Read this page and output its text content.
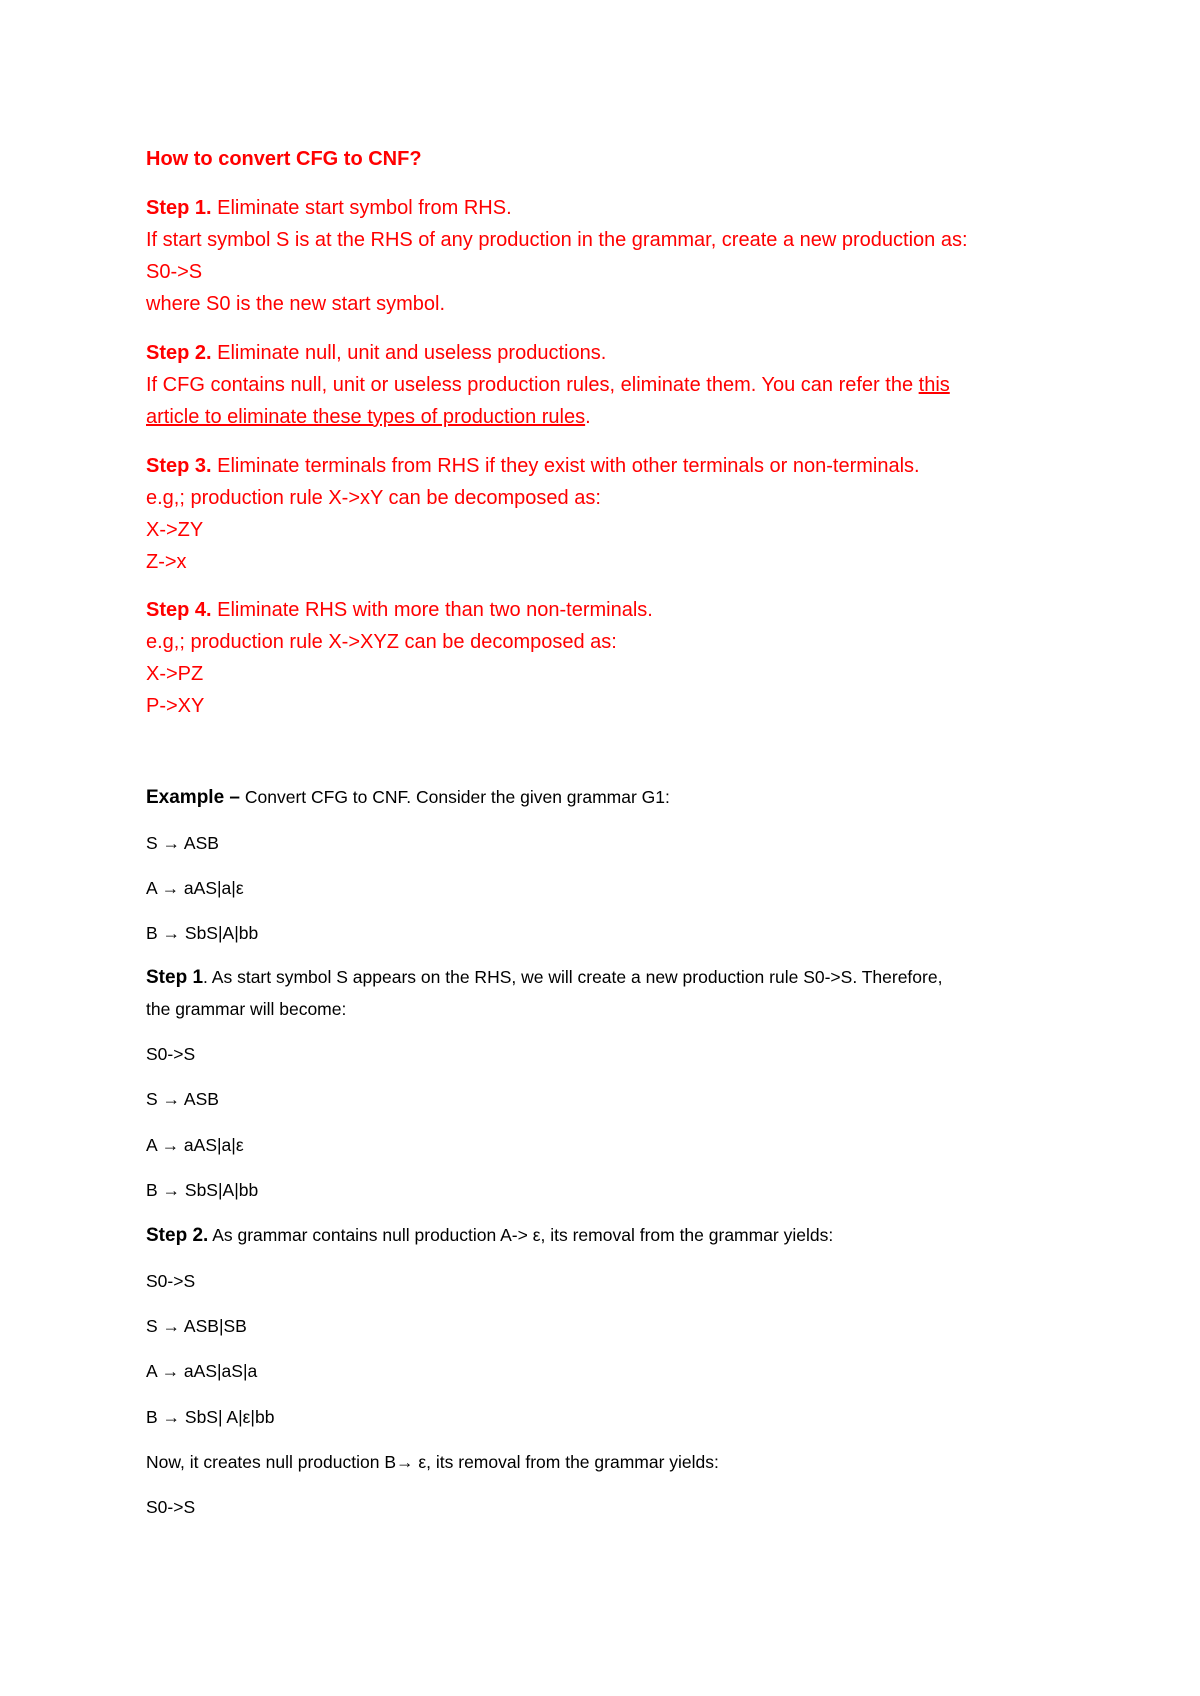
How to convert CFG to CNF?
Step 1. Eliminate start symbol from RHS.
If start symbol S is at the RHS of any production in the grammar, create a new production as:
S0->S
where S0 is the new start symbol.
Step 2. Eliminate null, unit and useless productions.
If CFG contains null, unit or useless production rules, eliminate them. You can refer the this
article to eliminate these types of production rules.
Step 3. Eliminate terminals from RHS if they exist with other terminals or non-terminals.
e.g,; production rule X->xY can be decomposed as:
X->ZY
Z->x
Step 4. Eliminate RHS with more than two non-terminals.
e.g,; production rule X->XYZ can be decomposed as:
X->PZ
P->XY
Example – Convert CFG to CNF. Consider the given grammar G1:
S → ASB
A → aAS|a|ε
B → SbS|A|bb
Step 1. As start symbol S appears on the RHS, we will create a new production rule S0->S. Therefore,
the grammar will become:
S0->S
S → ASB
A → aAS|a|ε
B → SbS|A|bb
Step 2. As grammar contains null production A-> ε, its removal from the grammar yields:
S0->S
S → ASB|SB
A → aAS|aS|a
B → SbS| A|ε|bb
Now, it creates null production B→ ε, its removal from the grammar yields:
S0->S
